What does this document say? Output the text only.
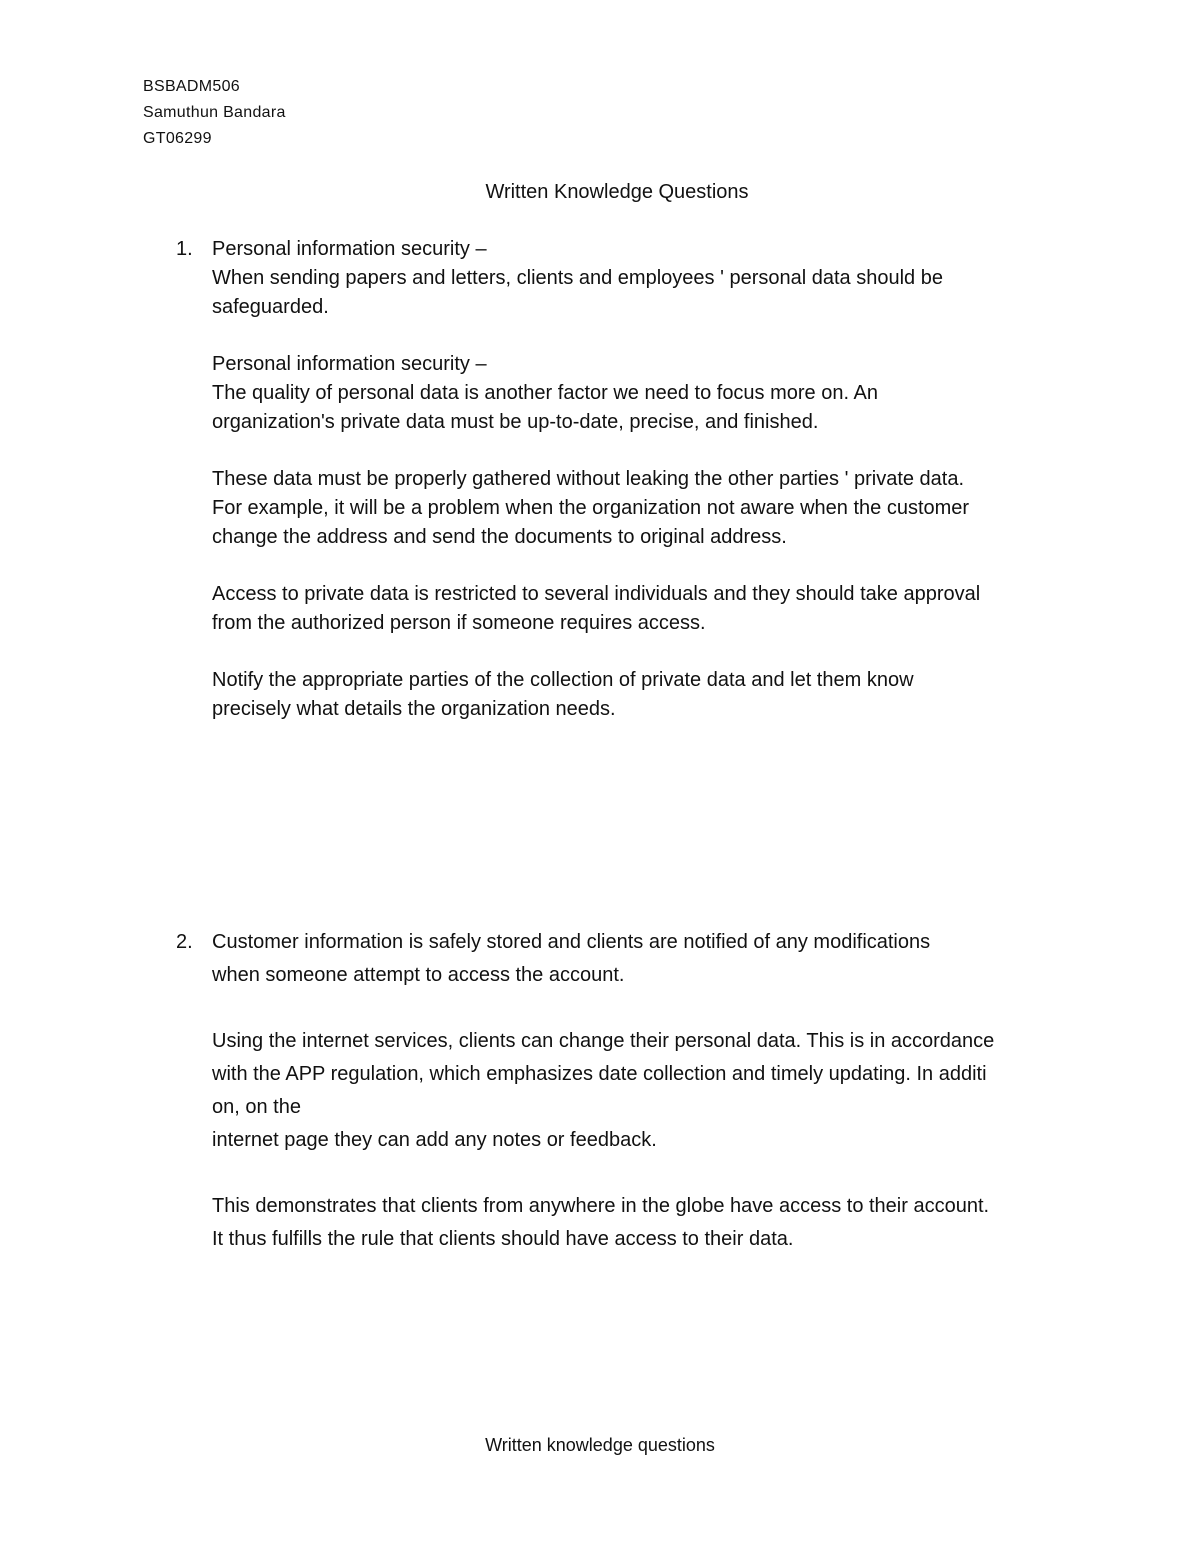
BSBADM506
Samuthun Bandara
GT06299
Written Knowledge Questions
1. Personal information security –
When sending papers and letters, clients and employees ' personal data should be
safeguarded.

Personal information security –
The quality of personal data is another factor we need to focus more on. An
organization's private data must be up-to-date, precise, and finished.

These data must be properly gathered without leaking the other parties ' private data.
For example, it will be a problem when the organization not aware when the customer
change the address and send the documents to original address.

Access to private data is restricted to several individuals and they should take approval
from the authorized person if someone requires access.

Notify the appropriate parties of the collection of private data and let them know
precisely what details the organization needs.

2. Customer information is safely stored and clients are notified of any modifications
when someone attempt to access the account.

Using the internet services, clients can change their personal data. This is in accordance
with the APP regulation, which emphasizes date collection and timely updating. In additi
on, on the
internet page they can add any notes or feedback.

This demonstrates that clients from anywhere in the globe have access to their account.
It thus fulfills the rule that clients should have access to their data.

Written knowledge questions
